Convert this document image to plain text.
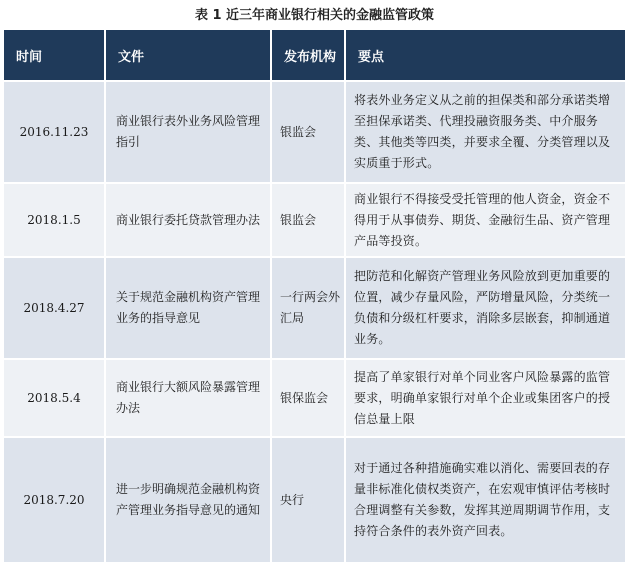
表 1 近三年商业银行相关的金融监管政策
时间	文件	发布机构	要点
2016.11.23	商业银行表外业务风险管理指引	银监会	将表外业务定义从之前的担保类和部分承诺类增至担保承诺类、代理投融资服务类、中介服务类、其他类等四类，并要求全覆、分类管理以及实质重于形式。
2018.1.5	商业银行委托贷款管理办法	银监会	商业银行不得接受受托管理的他人资金，资金不得用于从事债券、期货、金融衍生品、资产管理产品等投资。
2018.4.27	关于规范金融机构资产管理业务的指导意见	一行两会外汇局	把防范和化解资产管理业务风险放到更加重要的位置，减少存量风险，严防增量风险，分类统一负债和分级杠杆要求，消除多层嵌套，抑制通道业务。
2018.5.4	商业银行大额风险暴露管理办法	银保监会	提高了单家银行对单个同业客户风险暴露的监管要求，明确单家银行对单个企业或集团客户的授信总量上限
2018.7.20	进一步明确规范金融机构资产管理业务指导意见的通知	央行	对于通过各种措施确实难以消化、需要回表的存量非标准化债权类资产，在宏观审慎评估考核时合理调整有关参数，发挥其逆周期调节作用，支持符合条件的表外资产回表。
